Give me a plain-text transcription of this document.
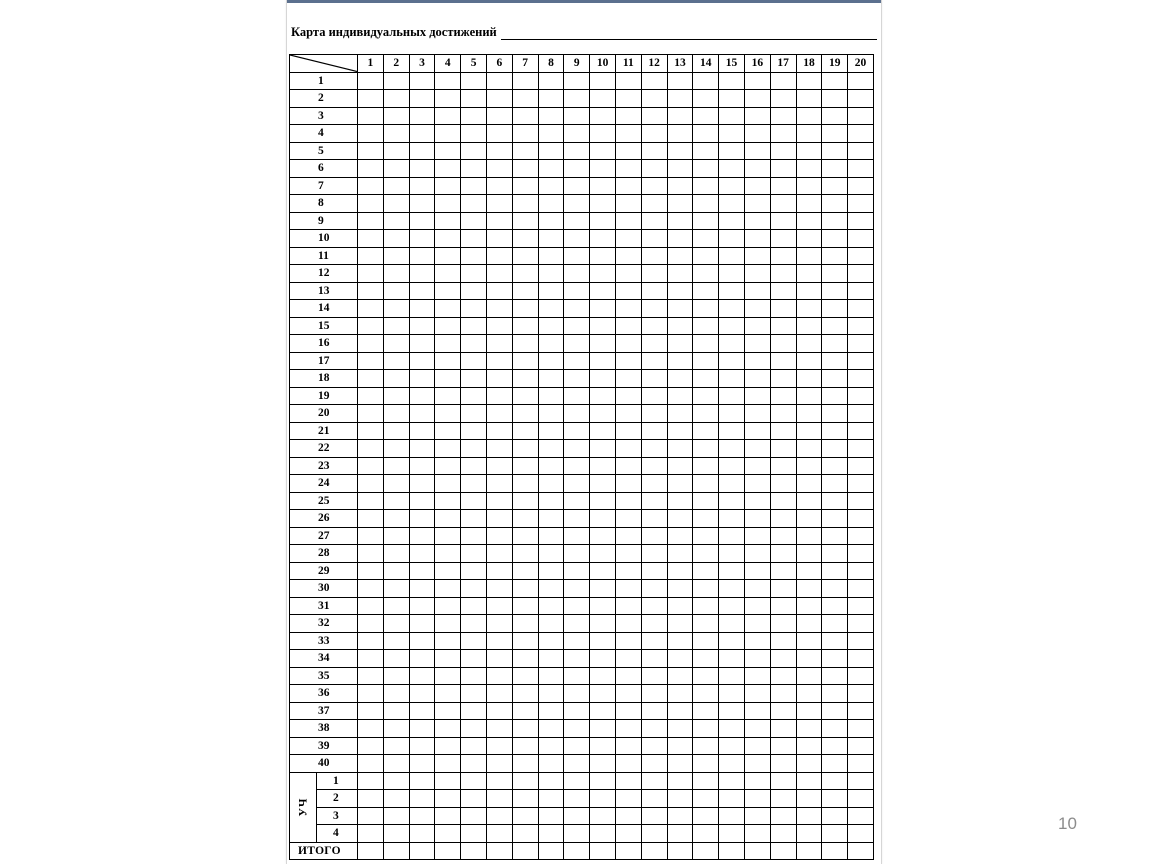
Карта индивидуальных достижений
	1	2	3	4	5	6	7	8	9	10	11	12	13	14	15	16	17	18	19	20
1																					
2																					
3																					
4																					
5																					
6																					
7																					
8																					
9																					
10																					
11																					
12																					
13																					
14																					
15																					
16																					
17																					
18																					
19																					
20																					
21																					
22																					
23																					
24																					
25																					
26																					
27																					
28																					
29																					
30																					
31																					
32																					
33																					
34																					
35																					
36																					
37																					
38																					
39																					
40																					
УЧ	1																				
	2																				
	3																				
	4																				
ИТОГО																					
10
